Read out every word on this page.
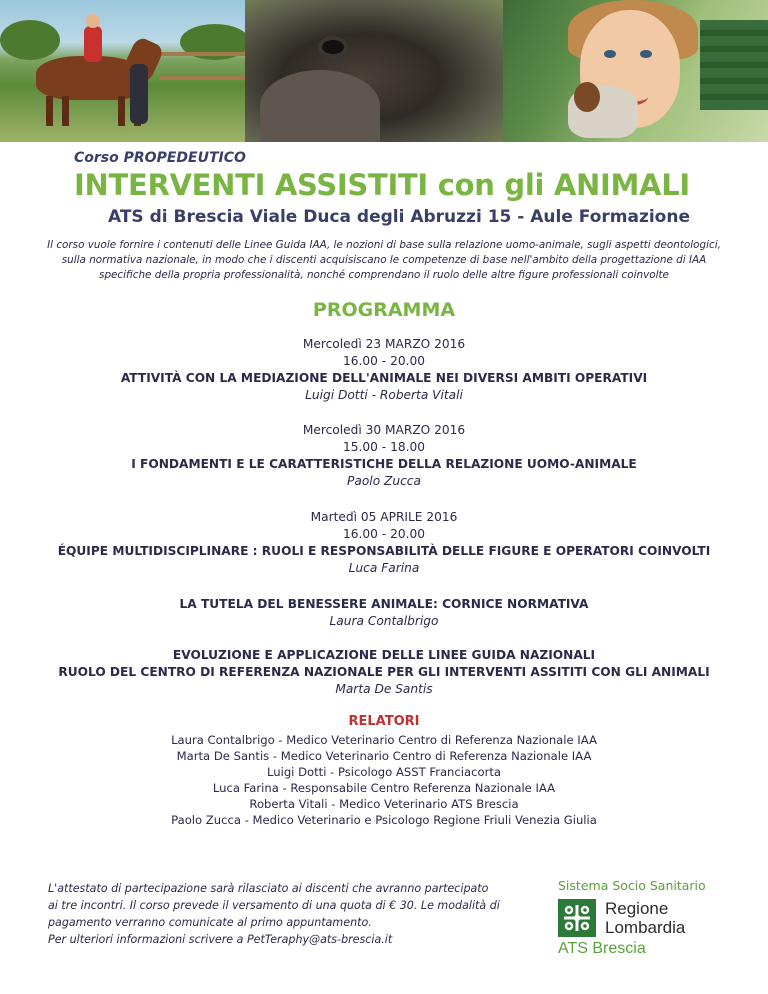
Corso PROPEDEUTICO
INTERVENTI ASSISTITI con gli ANIMALI
ATS di Brescia Viale Duca degli Abruzzi 15 - Aule Formazione
Il corso vuole fornire i contenuti delle Linee Guida IAA, le nozioni di base sulla relazione uomo-animale, sugli aspetti deontologici,
sulla normativa nazionale, in modo che i discenti acquisiscano le competenze di base nell'ambito della progettazione di IAA
specifiche della propria professionalità, nonché comprendano il ruolo delle altre figure professionali coinvolte
PROGRAMMA
Mercoledì 23 MARZO 2016
16.00 - 20.00
ATTIVITÀ CON LA MEDIAZIONE DELL'ANIMALE NEI DIVERSI AMBITI OPERATIVI
Luigi Dotti - Roberta Vitali
Mercoledì 30 MARZO 2016
15.00 - 18.00
I FONDAMENTI E LE CARATTERISTICHE DELLA RELAZIONE UOMO-ANIMALE
Paolo Zucca
Martedì 05 APRILE 2016
16.00 - 20.00
ÉQUIPE MULTIDISCIPLINARE : RUOLI E RESPONSABILITÀ DELLE FIGURE E OPERATORI COINVOLTI
Luca Farina
LA TUTELA DEL BENESSERE ANIMALE: CORNICE NORMATIVA
Laura Contalbrigo
EVOLUZIONE E APPLICAZIONE DELLE LINEE GUIDA NAZIONALI
RUOLO DEL CENTRO DI REFERENZA NAZIONALE PER GLI INTERVENTI ASSITITI CON GLI ANIMALI
Marta De Santis
RELATORI
Laura Contalbrigo - Medico Veterinario Centro di Referenza Nazionale IAA
Marta De Santis - Medico Veterinario Centro di Referenza Nazionale IAA
Luigi Dotti - Psicologo ASST Franciacorta
Luca Farina - Responsabile Centro Referenza Nazionale IAA
Roberta Vitali - Medico Veterinario ATS Brescia
Paolo Zucca - Medico Veterinario e Psicologo Regione Friuli Venezia Giulia
L'attestato di partecipazione sarà rilasciato ai discenti che avranno partecipato
ai tre incontri. Il corso prevede il versamento di una quota di € 30. Le modalità di
pagamento verranno comunicate al primo appuntamento.
Per ulteriori informazioni scrivere a PetTeraphy@ats-brescia.it
Sistema Socio Sanitario
Regione
Lombardia
ATS Brescia
